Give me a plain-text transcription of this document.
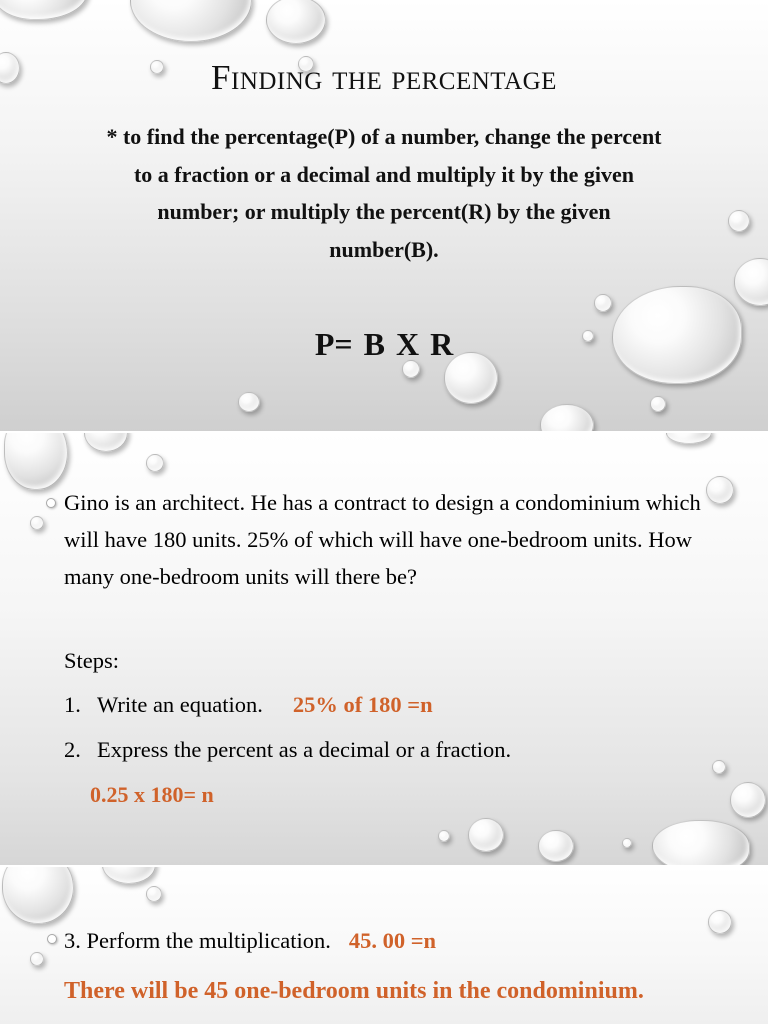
Finding the percentage
* to find the percentage(P) of a number, change the percent to a fraction or a decimal and multiply it by the given number; or multiply the percent(R) by the given number(B).
P= B X R
Gino is an architect. He has a contract to design a condominium which will have 180 units. 25% of which will have one-bedroom units. How many one-bedroom units will there be?
Steps:
1. Write an equation. 25% of 180 =n
2. Express the percent as a decimal or a fraction.
0.25 x 180= n
3. Perform the multiplication. 45. 00 =n
There will be 45 one-bedroom units in the condominium.
